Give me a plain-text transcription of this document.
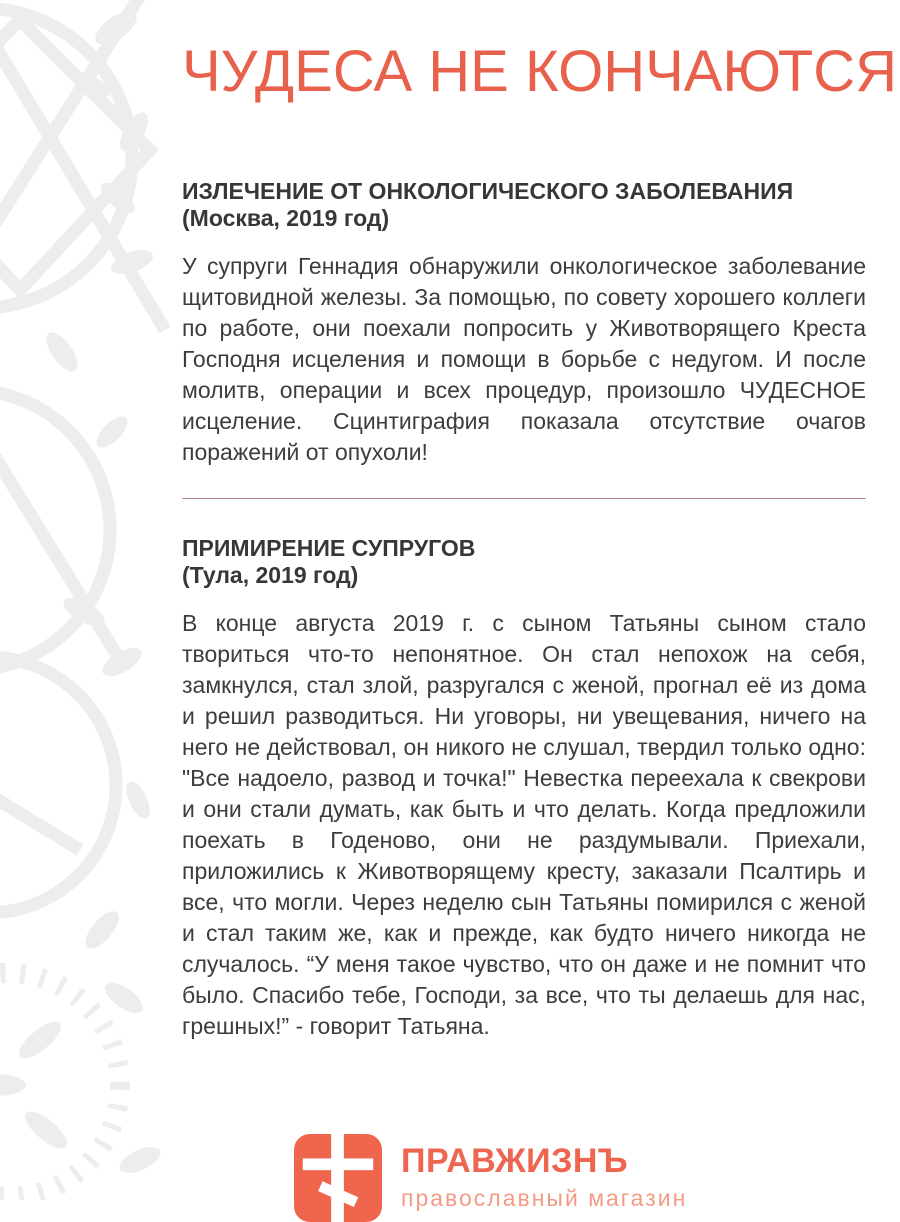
ЧУДЕСА НЕ КОНЧАЮТСЯ
ИЗЛЕЧЕНИЕ ОТ ОНКОЛОГИЧЕСКОГО ЗАБОЛЕВАНИЯ
(Москва, 2019 год)

У супруги Геннадия обнаружили онкологическое заболевание щитовидной железы. За помощью, по совету хорошего коллеги по работе, они поехали попросить у Животворящего Креста Господня исцеления и помощи в борьбе с недугом. И после молитв, операции и всех процедур, произошло ЧУДЕСНОЕ исцеление. Сцинтиграфия показала отсутствие очагов поражений от опухоли!

ПРИМИРЕНИЕ СУПРУГОВ
(Тула, 2019 год)

В конце августа 2019 г. с сыном Татьяны сыном стало твориться что-то непонятное. Он стал непохож на себя, замкнулся, стал злой, разругался с женой, прогнал её из дома и решил разводиться. Ни уговоры, ни увещевания, ничего на него не действовал, он никого не слушал, твердил только одно: "Все надоело, развод и точка!" Невестка переехала к свекрови и они стали думать, как быть и что делать. Когда предложили поехать в Годеново, они не раздумывали. Приехали, приложились к Животворящему кресту, заказали Псалтирь и все, что могли. Через неделю сын Татьяны помирился с женой и стал таким же, как и прежде, как будто ничего никогда не случалось. “У меня такое чувство, что он даже и не помнит что было. Спасибо тебе, Господи, за все, что ты делаешь для нас, грешных!” - говорит Татьяна.

ПРАВЖИЗНЪ
православный магазин
